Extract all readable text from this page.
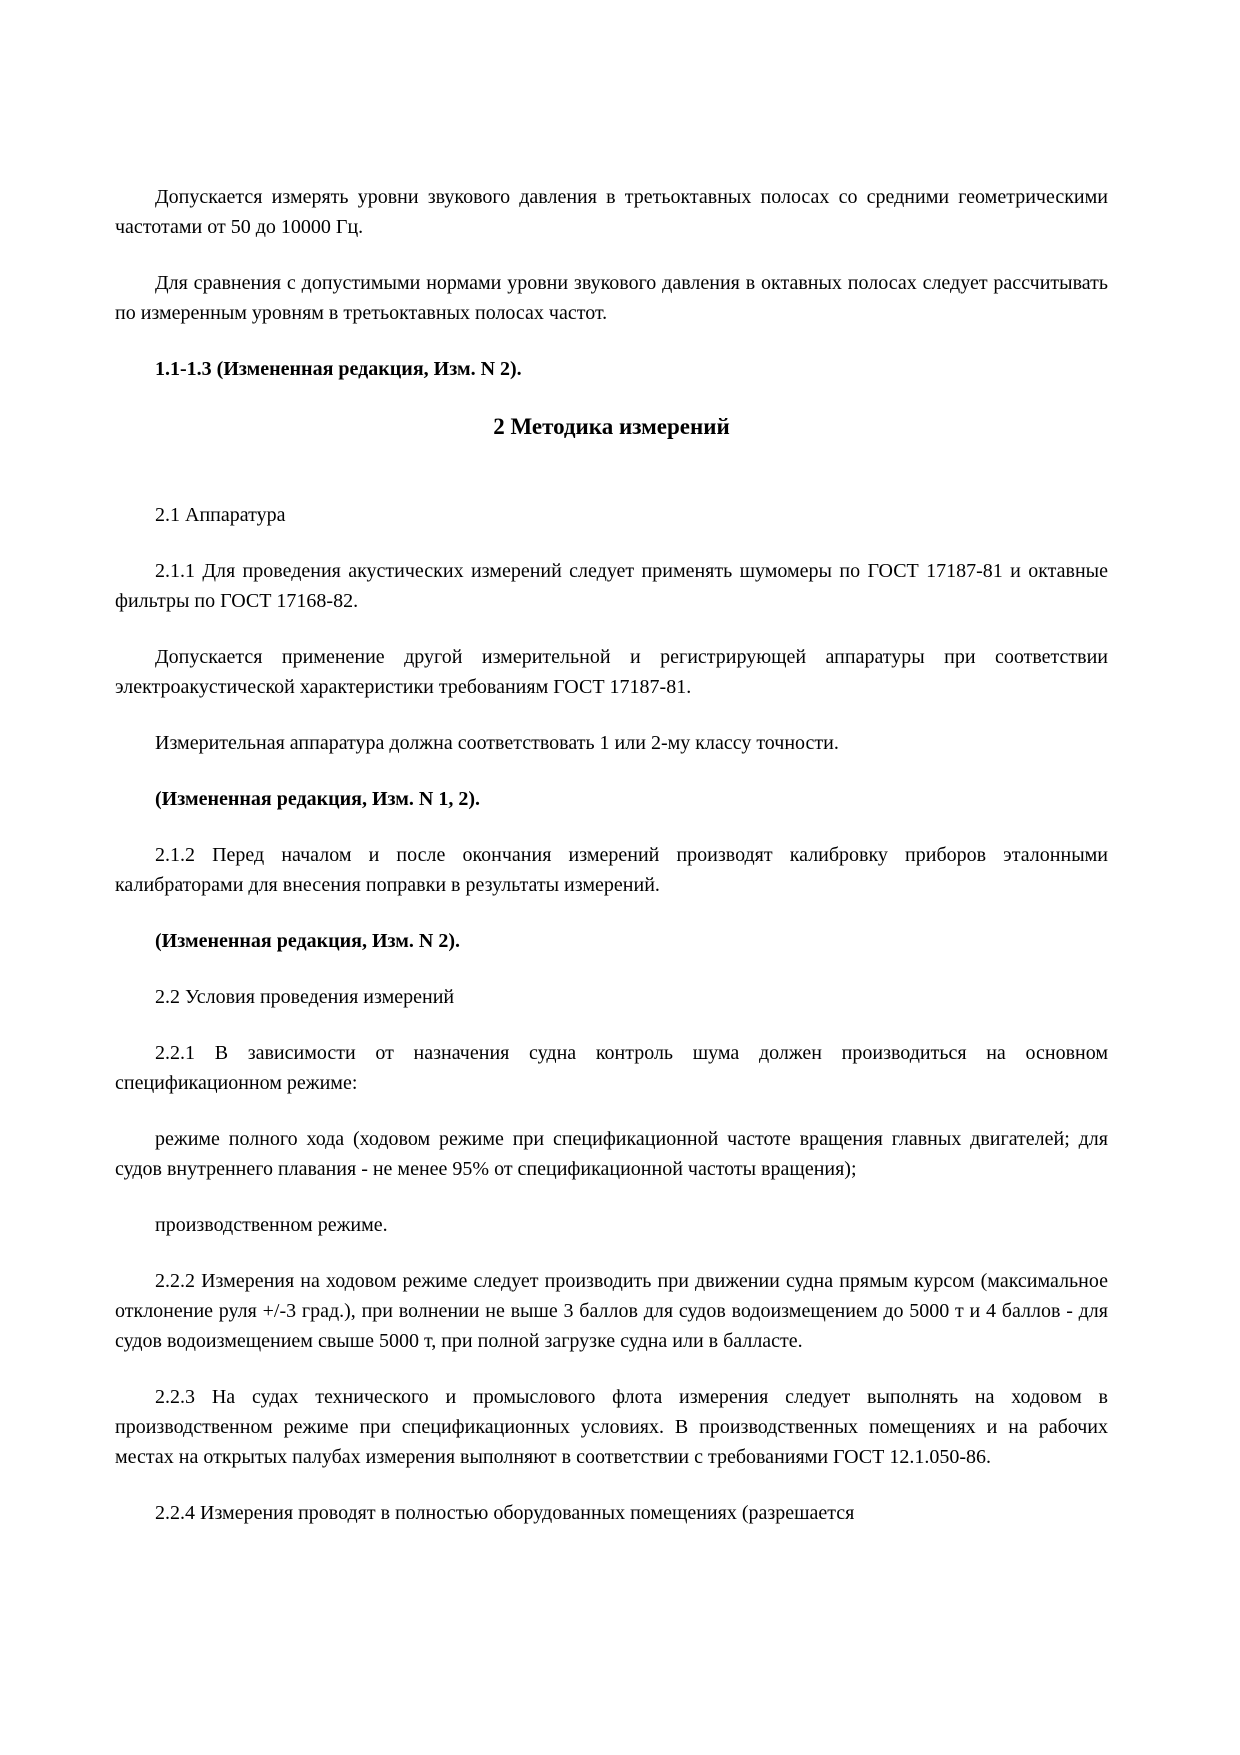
Допускается измерять уровни звукового давления в третьоктавных полосах со средними геометрическими частотами от 50 до 10000 Гц.

Для сравнения с допустимыми нормами уровни звукового давления в октавных полосах следует рассчитывать по измеренным уровням в третьоктавных полосах частот.

1.1-1.3 (Измененная редакция, Изм. N 2).

2 Методика измерений

2.1 Аппаратура

2.1.1 Для проведения акустических измерений следует применять шумомеры по ГОСТ 17187-81 и октавные фильтры по ГОСТ 17168-82.

Допускается применение другой измерительной и регистрирующей аппаратуры при соответствии электроакустической характеристики требованиям ГОСТ 17187-81.

Измерительная аппаратура должна соответствовать 1 или 2-му классу точности.

(Измененная редакция, Изм. N 1, 2).

2.1.2 Перед началом и после окончания измерений производят калибровку приборов эталонными калибраторами для внесения поправки в результаты измерений.

(Измененная редакция, Изм. N 2).

2.2 Условия проведения измерений

2.2.1 В зависимости от назначения судна контроль шума должен производиться на основном спецификационном режиме:

режиме полного хода (ходовом режиме при спецификационной частоте вращения главных двигателей; для судов внутреннего плавания - не менее 95% от спецификационной частоты вращения);

производственном режиме.

2.2.2 Измерения на ходовом режиме следует производить при движении судна прямым курсом (максимальное отклонение руля +/-3 град.), при волнении не выше 3 баллов для судов водоизмещением до 5000 т и 4 баллов - для судов водоизмещением свыше 5000 т, при полной загрузке судна или в балласте.

2.2.3 На судах технического и промыслового флота измерения следует выполнять на ходовом в производственном режиме при спецификационных условиях. В производственных помещениях и на рабочих местах на открытых палубах измерения выполняют в соответствии с требованиями ГОСТ 12.1.050-86.

2.2.4 Измерения проводят в полностью оборудованных помещениях (разрешается
